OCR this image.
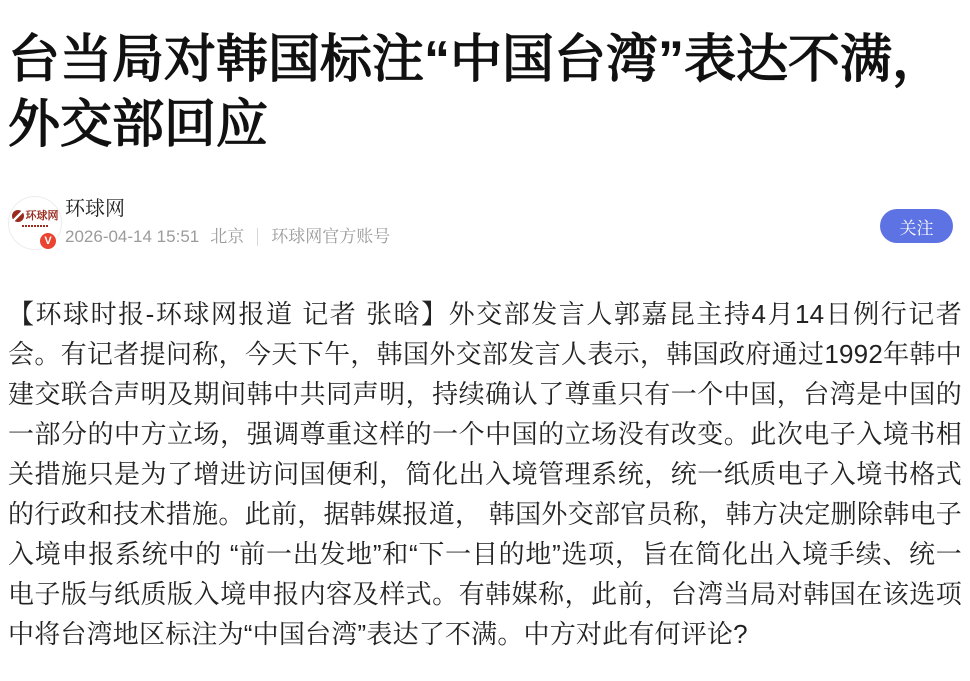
台当局对韩国标注“中国台湾”表达不满，外交部回应
环球网
V
环球网
2026-04-14 15:51 北京 环球网官方账号	关注

【环球时报-环球网报道 记者 张晗】外交部发言人郭嘉昆主持4月14日例行记者会。有记者提问称，今天下午，韩国外交部发言人表示，韩国政府通过1992年韩中建交联合声明及期间韩中共同声明，持续确认了尊重只有一个中国，台湾是中国的一部分的中方立场，强调尊重这样的一个中国的立场没有改变。此次电子入境书相关措施只是为了增进访问国便利，简化出入境管理系统，统一纸质电子入境书格式的行政和技术措施。此前，据韩媒报道， 韩国外交部官员称，韩方决定删除韩电子入境申报系统中的 “前一出发地”和“下一目的地”选项，旨在简化出入境手续、统一电子版与纸质版入境申报内容及样式。有韩媒称，此前，台湾当局对韩国在该选项中将台湾地区标注为“中国台湾”表达了不满。中方对此有何评论?
